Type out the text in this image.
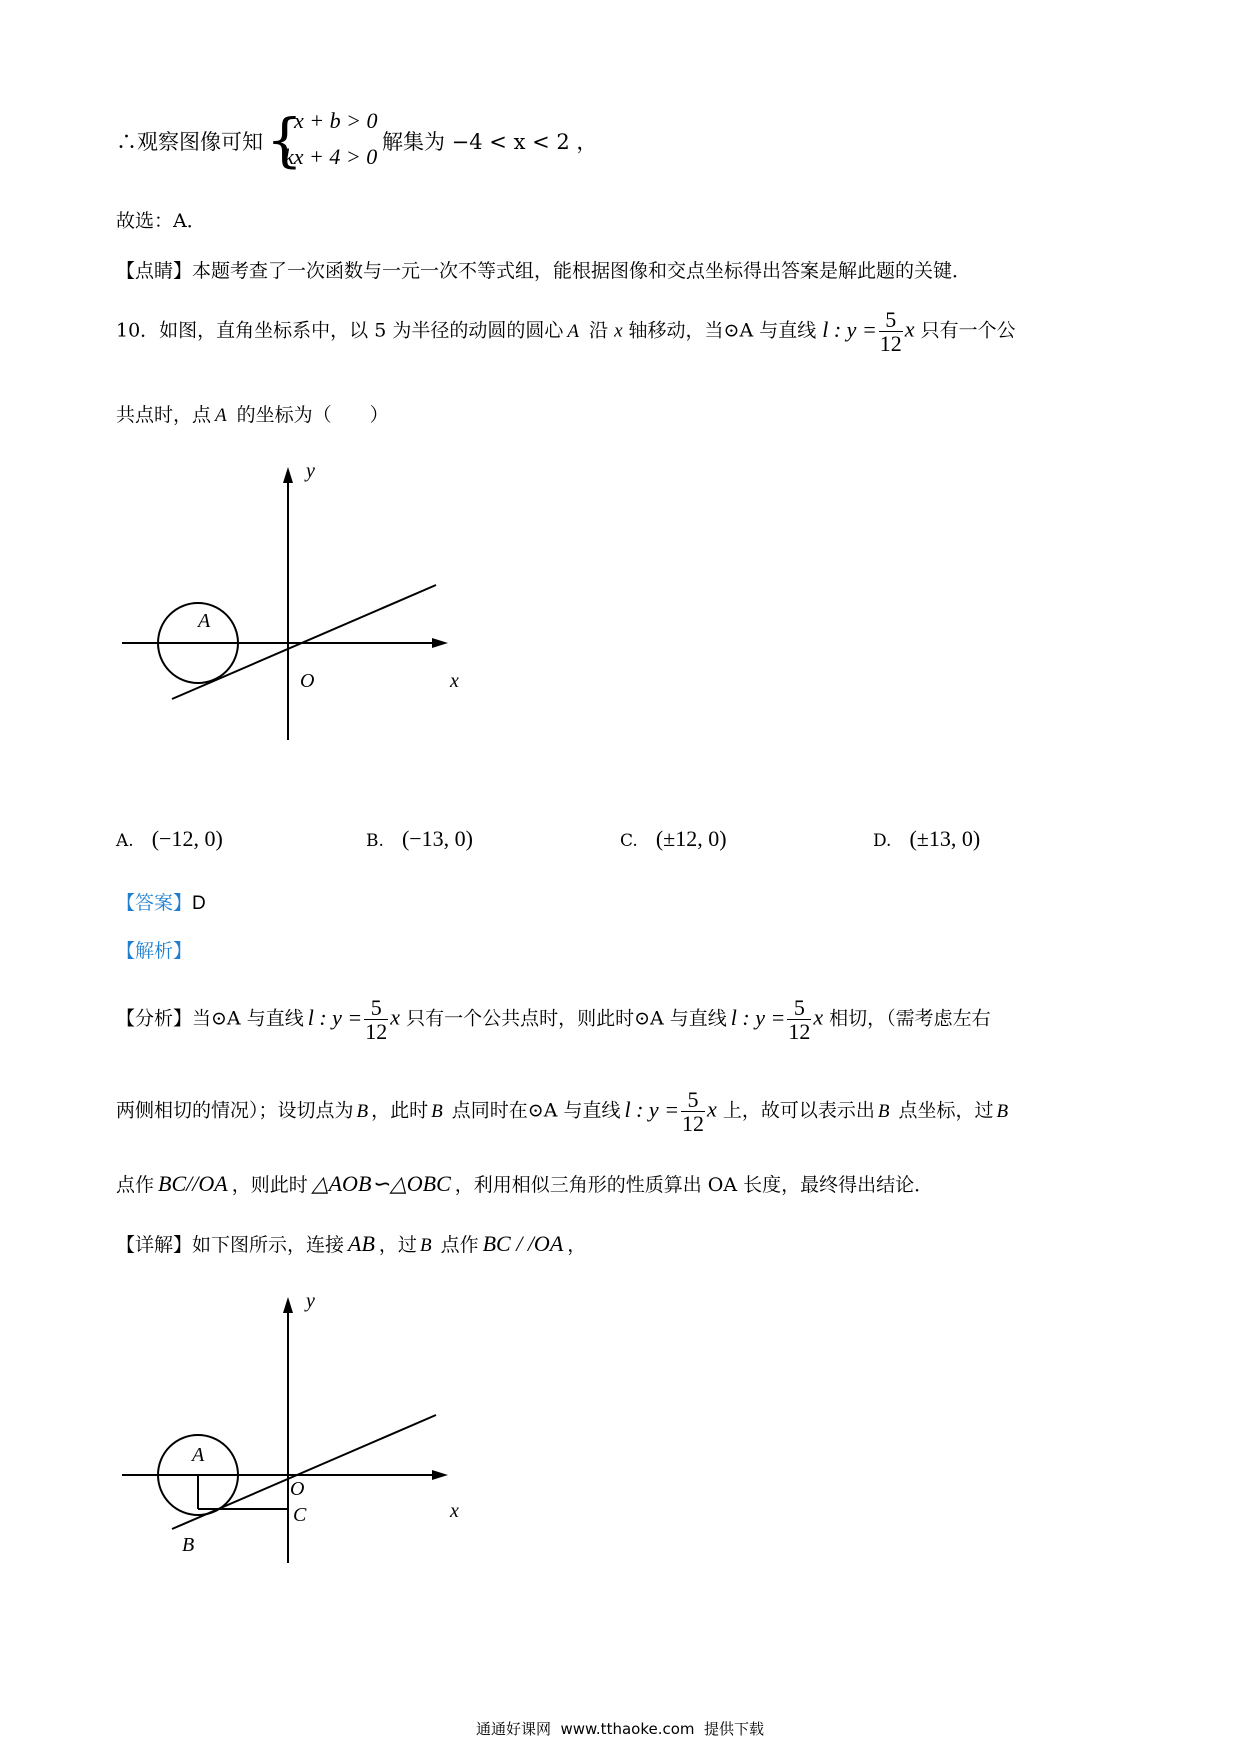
∴观察图像可知 {
x + b > 0
kx + 4 > 0
解集为 −4 < x < 2 ，
故选：A．
【点睛】本题考查了一次函数与一元一次不等式组，能根据图像和交点坐标得出答案是解此题的关键．
10．如图，直角坐标系中，以 5 为半径的动圆的圆心 A 沿 x 轴移动，当⊙A 与直线 l : $y = \frac{5}{12}$ x 只有一个公
共点时，点 A 的坐标为（　　）
y
A
O	x
A. (−12, 0)	B. (−13, 0)	C. (±12, 0)	D. (±13, 0)
【答案】D
【解析】
【分析】当⊙A 与直线 l : $y = \frac{5}{12}$ x 只有一个公共点时，则此时⊙A 与直线 l : $y = \frac{5}{12}$ x 相切，（需考虑左右
两侧相切的情况）；设切点为 B ，此时 B 点同时在⊙A 与直线 l : $y = \frac{5}{12}$ x 上，故可以表示出 B 点坐标，过 B
点作 BC//OA ，则此时 △AOB∽△OBC ，利用相似三角形的性质算出 OA 长度，最终得出结论．
【详解】如下图所示，连接 AB ，过 B 点作 BC / /OA ，
y
A
O
C
B
x
通通好课网  www.tthaoke.com  提供下载
